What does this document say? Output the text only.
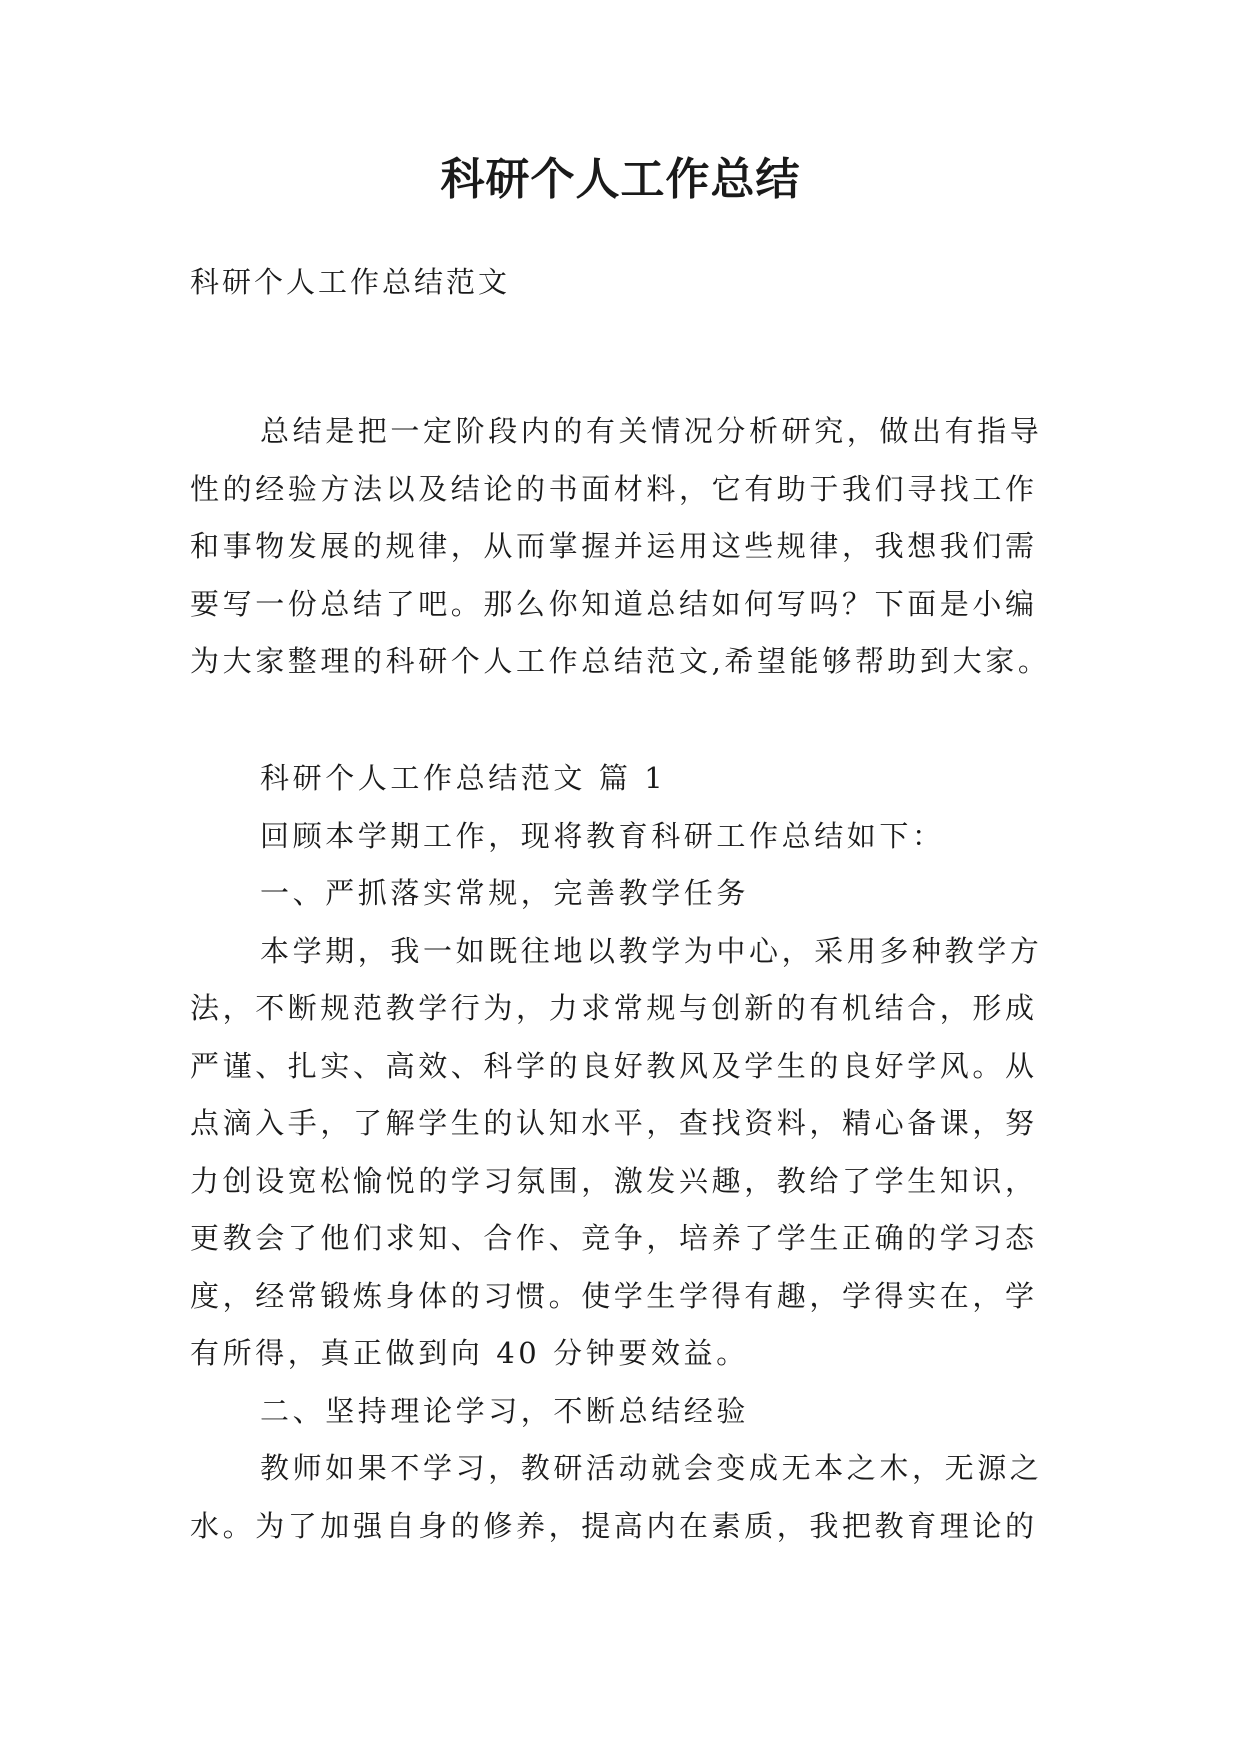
科研个人工作总结

科研个人工作总结范文

总结是把一定阶段内的有关情况分析研究，做出有指导
性的经验方法以及结论的书面材料，它有助于我们寻找工作
和事物发展的规律，从而掌握并运用这些规律，我想我们需
要写一份总结了吧。那么你知道总结如何写吗？下面是小编
为大家整理的科研个人工作总结范文,希望能够帮助到大家。
科研个人工作总结范文 篇 1
回顾本学期工作，现将教育科研工作总结如下：
一、严抓落实常规，完善教学任务
本学期，我一如既往地以教学为中心，采用多种教学方
法，不断规范教学行为，力求常规与创新的有机结合，形成
严谨、扎实、高效、科学的良好教风及学生的良好学风。从
点滴入手，了解学生的认知水平，查找资料，精心备课，努
力创设宽松愉悦的学习氛围，激发兴趣，教给了学生知识，
更教会了他们求知、合作、竞争，培养了学生正确的学习态
度，经常锻炼身体的习惯。使学生学得有趣，学得实在，学
有所得，真正做到向 40 分钟要效益。
二、坚持理论学习，不断总结经验
教师如果不学习，教研活动就会变成无本之木，无源之
水。为了加强自身的修养，提高内在素质，我把教育理论的
